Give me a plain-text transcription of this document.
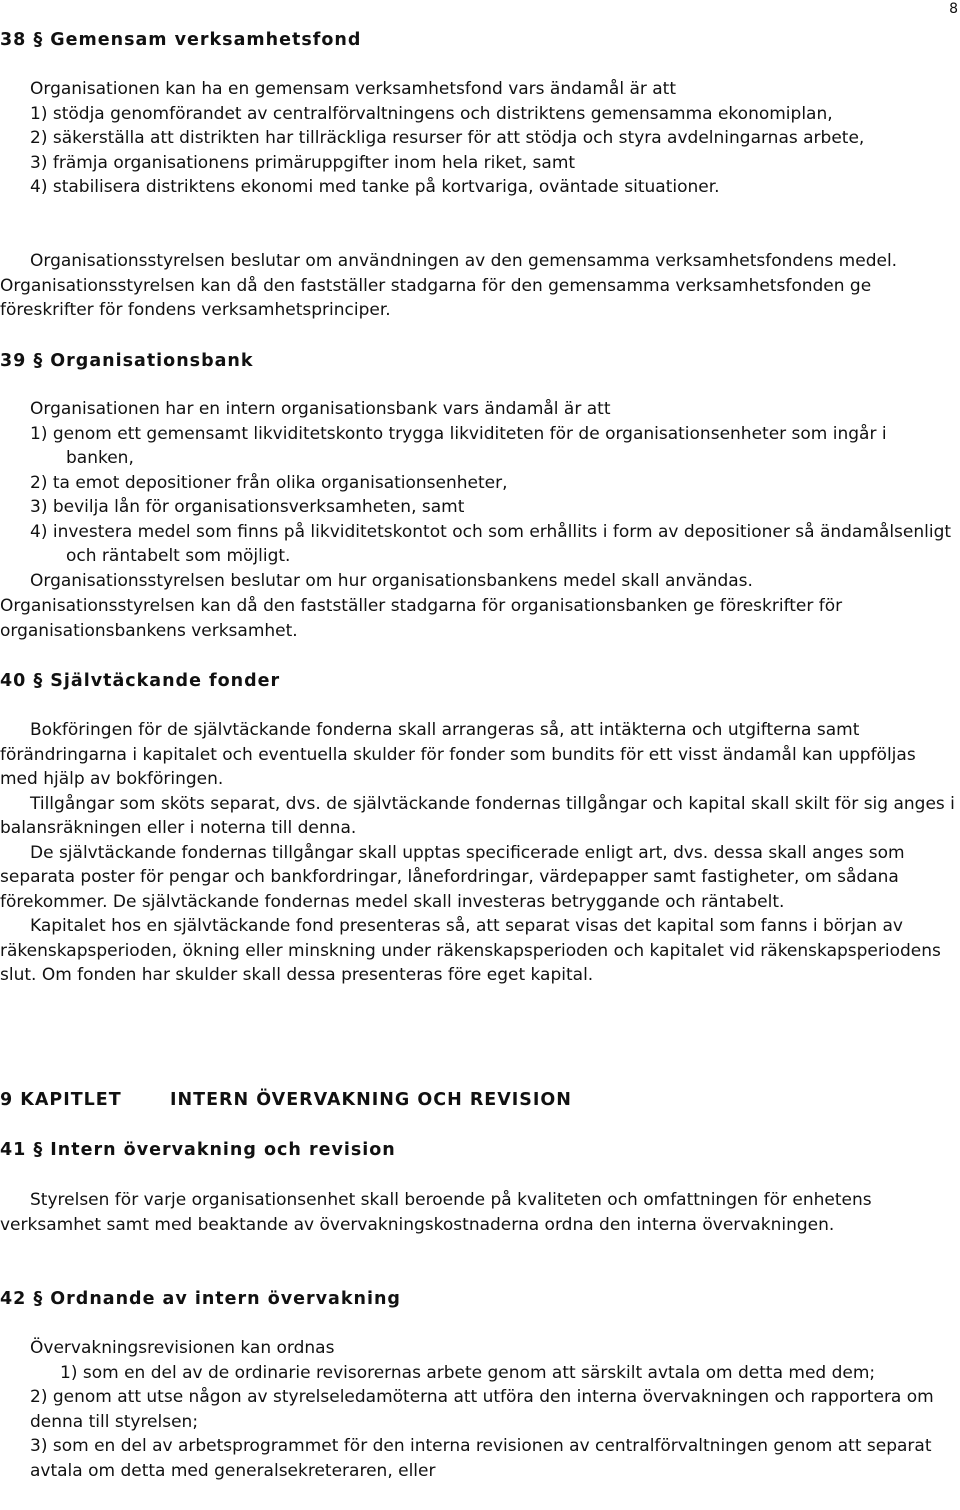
8
38 § Gemensam verksamhetsfond

Organisationen kan ha en gemensam verksamhetsfond vars ändamål är att

1) stödja genomförandet av centralförvaltningens och distriktens gemensamma ekonomiplan,

2) säkerställa att distrikten har tillräckliga resurser för att stödja och styra avdelningarnas arbete,

3) främja organisationens primäruppgifter inom hela riket, samt

4) stabilisera distriktens ekonomi med tanke på kortvariga, oväntade situationer.

Organisationsstyrelsen beslutar om användningen av den gemensamma verksamhetsfondens medel. Organisationsstyrelsen kan då den fastställer stadgarna för den gemensamma verksamhetsfonden ge föreskrifter för fondens verksamhetsprinciper.

39 § Organisationsbank

Organisationen har en intern organisationsbank vars ändamål är att

1) genom ett gemensamt likviditetskonto trygga likviditeten för de organisationsenheter som ingår i banken,

2) ta emot depositioner från olika organisationsenheter,

3) bevilja lån för organisationsverksamheten, samt

4) investera medel som finns på likviditetskontot och som erhållits i form av depositioner så ändamålsenligt och räntabelt som möjligt.

Organisationsstyrelsen beslutar om hur organisationsbankens medel skall användas.

Organisationsstyrelsen kan då den fastställer stadgarna för organisationsbanken ge föreskrifter för organisationsbankens verksamhet.

40 § Självtäckande fonder

Bokföringen för de självtäckande fonderna skall arrangeras så, att intäkterna och utgifterna samt förändringarna i kapitalet och eventuella skulder för fonder som bundits för ett visst ändamål kan uppföljas med hjälp av bokföringen.

Tillgångar som sköts separat, dvs. de självtäckande fondernas tillgångar och kapital skall skilt för sig anges i balansräkningen eller i noterna till denna.

De självtäckande fondernas tillgångar skall upptas specificerade enligt art, dvs. dessa skall anges som separata poster för pengar och bankfordringar, lånefordringar, värdepapper samt fastigheter, om sådana förekommer. De självtäckande fondernas medel skall investeras betryggande och räntabelt.

Kapitalet hos en självtäckande fond presenteras så, att separat visas det kapital som fanns i början av räkenskapsperioden, ökning eller minskning under räkenskapsperioden och kapitalet vid räkenskapsperiodens slut. Om fonden har skulder skall dessa presenteras före eget kapital.

9 KAPITLET	INTERN ÖVERVAKNING OCH REVISION
41 § Intern övervakning och revision

Styrelsen för varje organisationsenhet skall beroende på kvaliteten och omfattningen för enhetens verksamhet samt med beaktande av övervakningskostnaderna ordna den interna övervakningen.

42 § Ordnande av intern övervakning

Övervakningsrevisionen kan ordnas

1) som en del av de ordinarie revisorernas arbete genom att särskilt avtala om detta med dem;

2) genom att utse någon av styrelseledamöterna att utföra den interna övervakningen och rapportera om denna till styrelsen;

3) som en del av arbetsprogrammet för den interna revisionen av centralförvaltningen genom att separat avtala om detta med generalsekreteraren, eller
